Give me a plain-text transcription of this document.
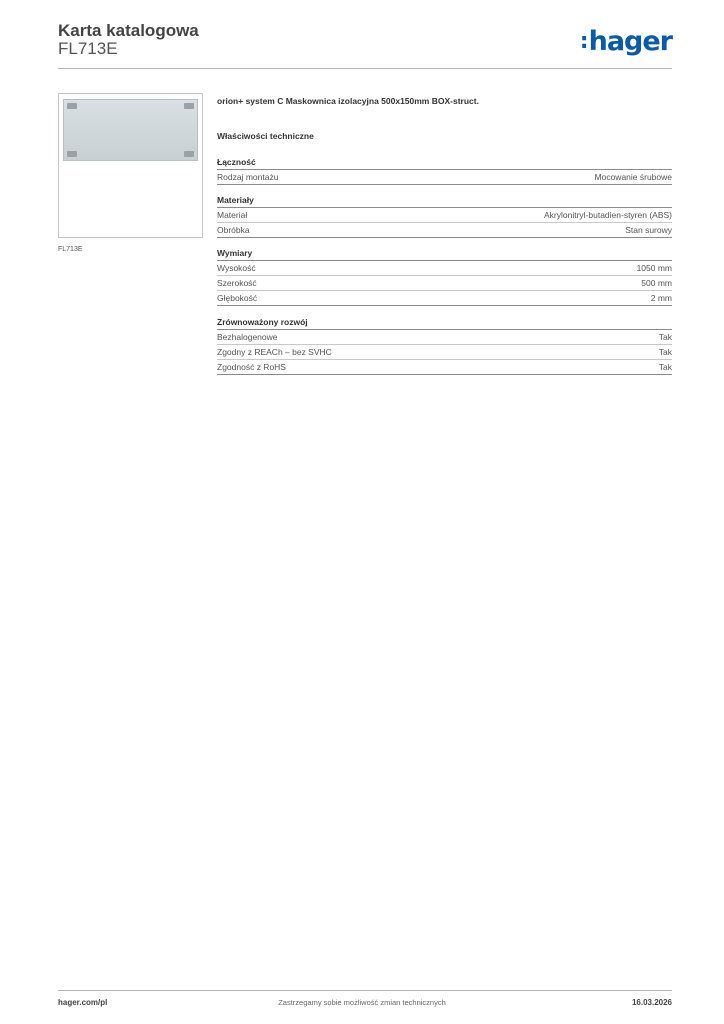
Karta katalogowa
FL713E	:hager
FL713E
orion+ system C Maskownica izolacyjna 500x150mm BOX-struct.
Właściwości techniczne
Łączność
Rodzaj montażu	Mocowanie śrubowe
Materiały
Materiał	Akrylonitryl-butadien-styren (ABS)
Obróbka	Stan surowy
Wymiary
Wysokość	1050 mm
Szerokość	500 mm
Głębokość	2 mm
Zrównoważony rozwój
Bezhalogenowe	Tak
Zgodny z REACh – bez SVHC	Tak
Zgodność z RoHS	Tak
hager.com/pl	Zastrzegamy sobie możliwość zmian technicznych	16.03.2026
